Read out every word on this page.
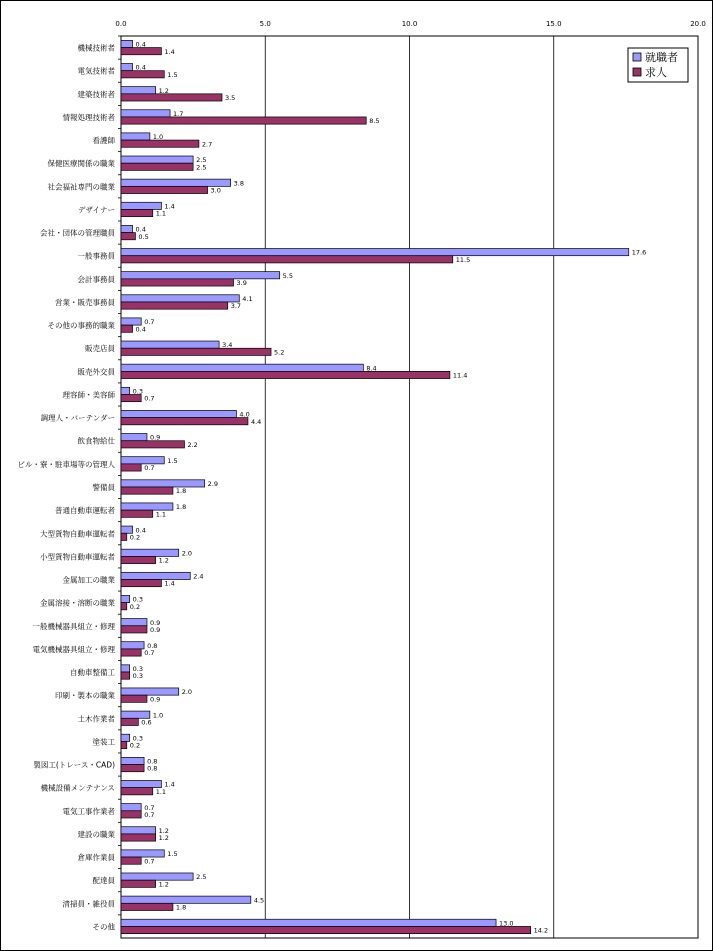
0.0	5.0	10.0	15.0	20.0
機械技術者
電気技術者
建築技術者
情報処理技術者
看護師
保健医療関係の職業
社会福祉専門の職業
デザイナー
会社・団体の管理職員
一般事務員
会計事務員
営業・販売事務員
その他の事務的職業
販売店員
販売外交員
理容師・美容師
調理人・バーテンダー
飲食物給仕
ビル・寮・駐車場等の管理人
警備員
普通自動車運転者
大型貨物自動車運転者
小型貨物自動車運転者
金属加工の職業
金属溶接・溶断の職業
一般機械器具組立・修理
電気機械器具組立・修理
自動車整備工
印刷・製本の職業
土木作業者
塗装工
製図工(トレース・CAD)
機械設備メンテナンス
電気工事作業者
建設の職業
倉庫作業員
配達員
清掃員・雑役員
その他
0.4
1.4
0.4
1.5
1.2
3.5
1.7
8.5
1.0
2.7
2.5
2.5
3.8
3.0
1.4
1.1
0.4
0.5
17.6
11.5
5.5
3.9
4.1
3.7
0.7
0.4
3.4
5.2
8.4
11.4
0.3
0.7
4.0
4.4
0.9
2.2
1.5
0.7
2.9
1.8
1.8
1.1
0.4
0.2
2.0
1.2
2.4
1.4
0.3
0.2
0.9
0.9
0.8
0.7
0.3
0.3
2.0
0.9
1.0
0.6
0.3
0.2
0.8
0.8
1.4
1.1
0.7
0.7
1.2
1.2
1.5
0.7
2.5
1.2
4.5
1.8
13.0
14.2
就職者
求人
